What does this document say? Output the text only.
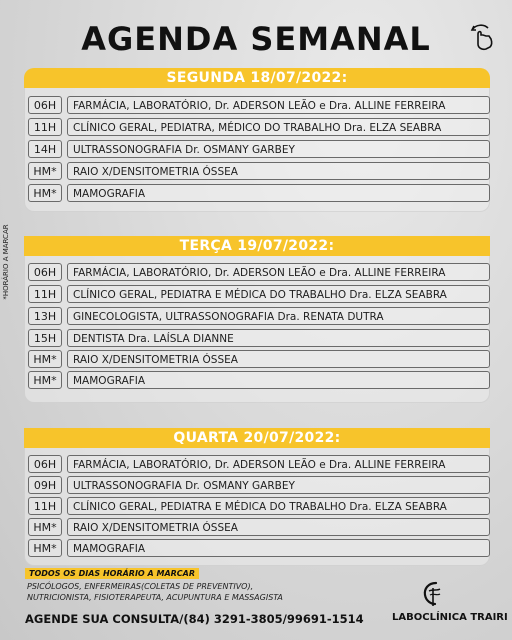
AGENDA SEMANAL
*HORÁRIO A MARCAR
SEGUNDA 18/07/2022:
06H	FARMÁCIA, LABORATÓRIO, Dr. ADERSON LEÃO e Dra. ALLINE FERREIRA
11H	CLÍNICO GERAL, PEDIATRA, MÉDICO DO TRABALHO Dra. ELZA SEABRA
14H	ULTRASSONOGRAFIA Dr. OSMANY GARBEY
HM*	RAIO X/DENSITOMETRIA ÓSSEA
HM*	MAMOGRAFIA
TERÇA 19/07/2022:
06H	FARMÁCIA, LABORATÓRIO, Dr. ADERSON LEÃO e Dra. ALLINE FERREIRA
11H	CLÍNICO GERAL, PEDIATRA E MÉDICA DO TRABALHO Dra. ELZA SEABRA
13H	GINECOLOGISTA, ULTRASSONOGRAFIA Dra. RENATA DUTRA
15H	DENTISTA Dra. LAÍSLA DIANNE
HM*	RAIO X/DENSITOMETRIA ÓSSEA
HM*	MAMOGRAFIA
QUARTA 20/07/2022:
06H	FARMÁCIA, LABORATÓRIO, Dr. ADERSON LEÃO e Dra. ALLINE FERREIRA
09H	ULTRASSONOGRAFIA Dr. OSMANY GARBEY
11H	CLÍNICO GERAL, PEDIATRA E MÉDICA DO TRABALHO Dra. ELZA SEABRA
HM*	RAIO X/DENSITOMETRIA ÓSSEA
HM*	MAMOGRAFIA
TODOS OS DIAS HORÁRIO A MARCAR
PSICÓLOGOS, ENFERMEIRAS(COLETAS DE PREVENTIVO),
NUTRICIONISTA, FISIOTERAPEUTA, ACUPUNTURA E MASSAGISTA
AGENDE SUA CONSULTA/(84) 3291-3805/99691-1514	LABOCLÍNICA TRAIRI
